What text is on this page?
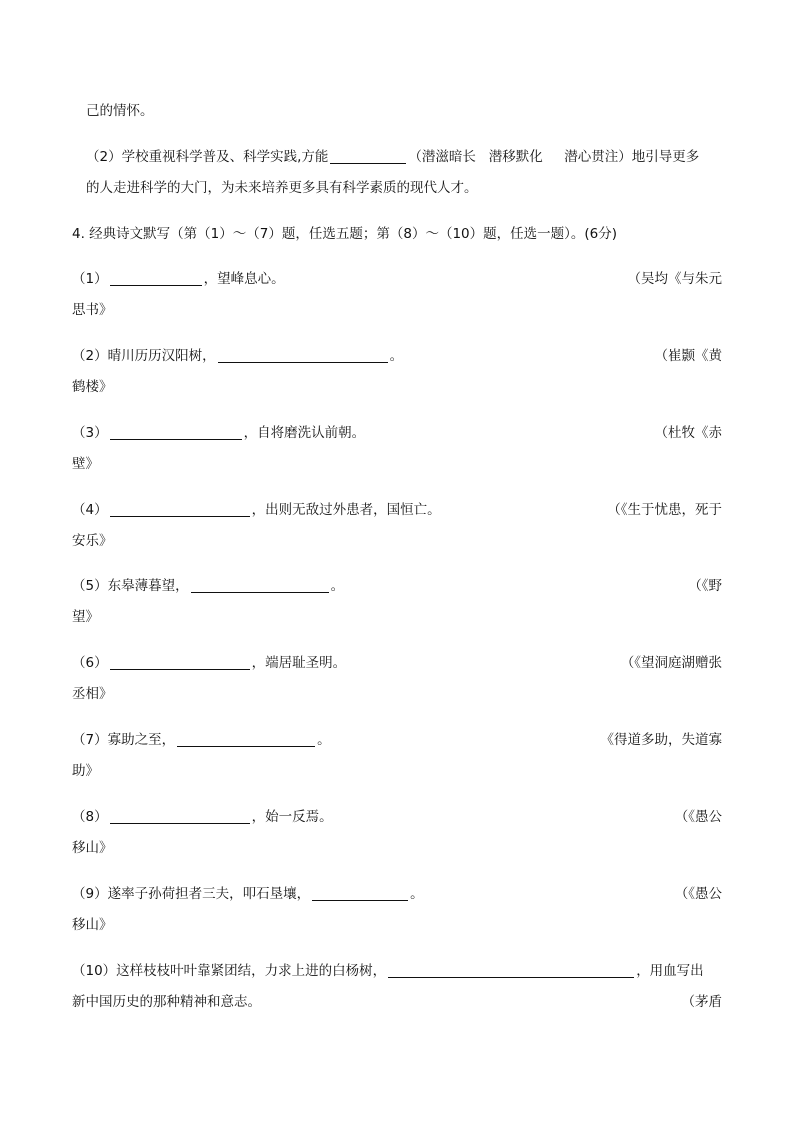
己的情怀。
（2）学校重视科学普及、科学实践,方能	（潜滋暗长   潜移默化     潜心贯注）地引导更多
的人走进科学的大门，为未来培养更多具有科学素质的现代人才。
4. 经典诗文默写（第（1）～（7）题，任选五题；第（8）～（10）题，任选一题）。(6分)
（1）	，望峰息心。	（吴均《与朱元
思书》
（2）晴川历历汉阳树，	。	（崔颢《黄
鹤楼》
（3）	，自将磨洗认前朝。	（杜牧《赤
壁》
（4）	，出则无敌过外患者，国恒亡。	（《生于忧患，死于
安乐》
（5）东皋薄暮望，	。	（《野
望》
（6）	，端居耻圣明。	（《望洞庭湖赠张
丞相》
（7）寡助之至，	。	《得道多助，失道寡
助》
（8）	，始一反焉。	（《愚公
移山》
（9）遂率子孙荷担者三夫，叩石垦壤，	。	（《愚公
移山》
（10）这样枝枝叶叶靠紧团结，力求上进的白杨树，	，用血写出
新中国历史的那种精神和意志。	（茅盾
